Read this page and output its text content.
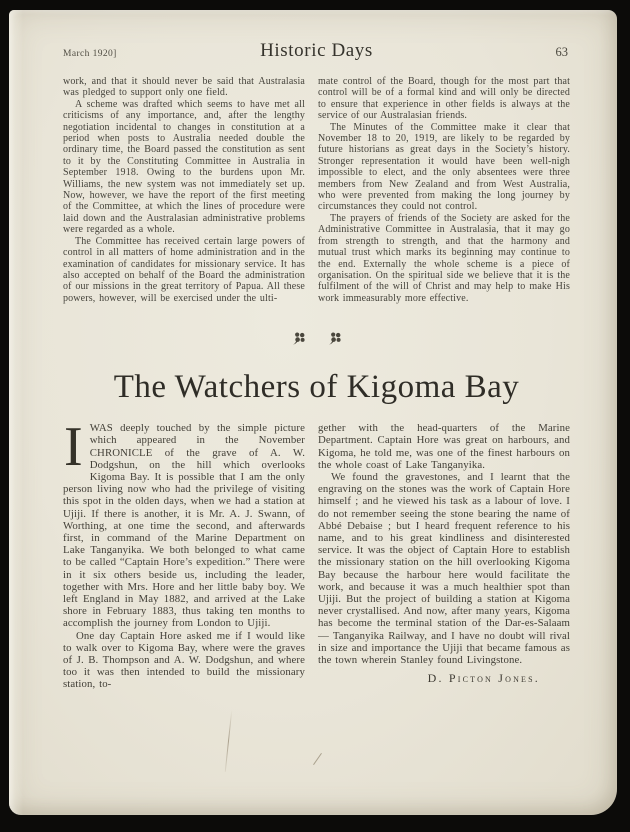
March 1920]	Historic Days	63

work, and that it should never be said that Australasia was pledged to support only one field.

A scheme was drafted which seems to have met all criticisms of any importance, and, after the lengthy negotiation incidental to changes in constitution at a period when posts to Australia needed double the ordinary time, the Board passed the constitution as sent to it by the Constituting Committee in Australia in September 1918. Owing to the burdens upon Mr. Williams, the new system was not immediately set up. Now, however, we have the report of the first meeting of the Committee, at which the lines of procedure were laid down and the Australasian administrative problems were regarded as a whole.

The Committee has received certain large powers of control in all matters of home administration and in the examination of candidates for missionary service. It has also accepted on behalf of the Board the administration of our missions in the great territory of Papua. All these powers, however, will be exercised under the ulti-

mate control of the Board, though for the most part that control will be of a formal kind and will only be directed to ensure that experience in other fields is always at the service of our Australasian friends.

The Minutes of the Committee make it clear that November 18 to 20, 1919, are likely to be regarded by future historians as great days in the Society’s history. Stronger representation it would have been well-nigh impossible to elect, and the only absentees were three members from New Zealand and from West Australia, who were prevented from making the long journey by circumstances they could not control.

The prayers of friends of the Society are asked for the Administrative Committee in Australasia, that it may go from strength to strength, and that the harmony and mutual trust which marks its beginning may continue to the end. Externally the whole scheme is a piece of organisation. On the spiritual side we believe that it is the fulfilment of the will of Christ and may help to make His work immeasurably more effective.

The Watchers of Kigoma Bay

IWAS deeply touched by the simple picture which appeared in the November CHRONICLE of the grave of A. W. Dodgshun, on the hill which overlooks Kigoma Bay. It is possible that I am the only person living now who had the privilege of visiting this spot in the olden days, when we had a station at Ujiji. If there is another, it is Mr. A. J. Swann, of Worthing, at one time the second, and afterwards first, in command of the Marine Department on Lake Tanganyika. We both belonged to what came to be called “Captain Hore’s expedition.” There were in it six others beside us, including the leader, together with Mrs. Hore and her little baby boy. We left England in May 1882, and arrived at the Lake shore in February 1883, thus taking ten months to accomplish the journey from London to Ujiji.

One day Captain Hore asked me if I would like to walk over to Kigoma Bay, where were the graves of J. B. Thompson and A. W. Dodgshun, and where too it was then intended to build the missionary station, to-

gether with the head-quarters of the Marine Department. Captain Hore was great on harbours, and Kigoma, he told me, was one of the finest harbours on the whole coast of Lake Tanganyika.

We found the gravestones, and I learnt that the engraving on the stones was the work of Captain Hore himself ; and he viewed his task as a labour of love. I do not remember seeing the stone bearing the name of Abbé Debaise ; but I heard frequent reference to his name, and to his great kindliness and disinterested service. It was the object of Captain Hore to establish the missionary station on the hill overlooking Kigoma Bay because the harbour here would facilitate the work, and because it was a much healthier spot than Ujiji. But the project of building a station at Kigoma never crystallised. And now, after many years, Kigoma has become the terminal station of the Dar-es-Salaam— Tanganyika Railway, and I have no doubt will rival in size and importance the Ujiji that became famous as the town wherein Stanley found Livingstone.

D. Picton Jones.
